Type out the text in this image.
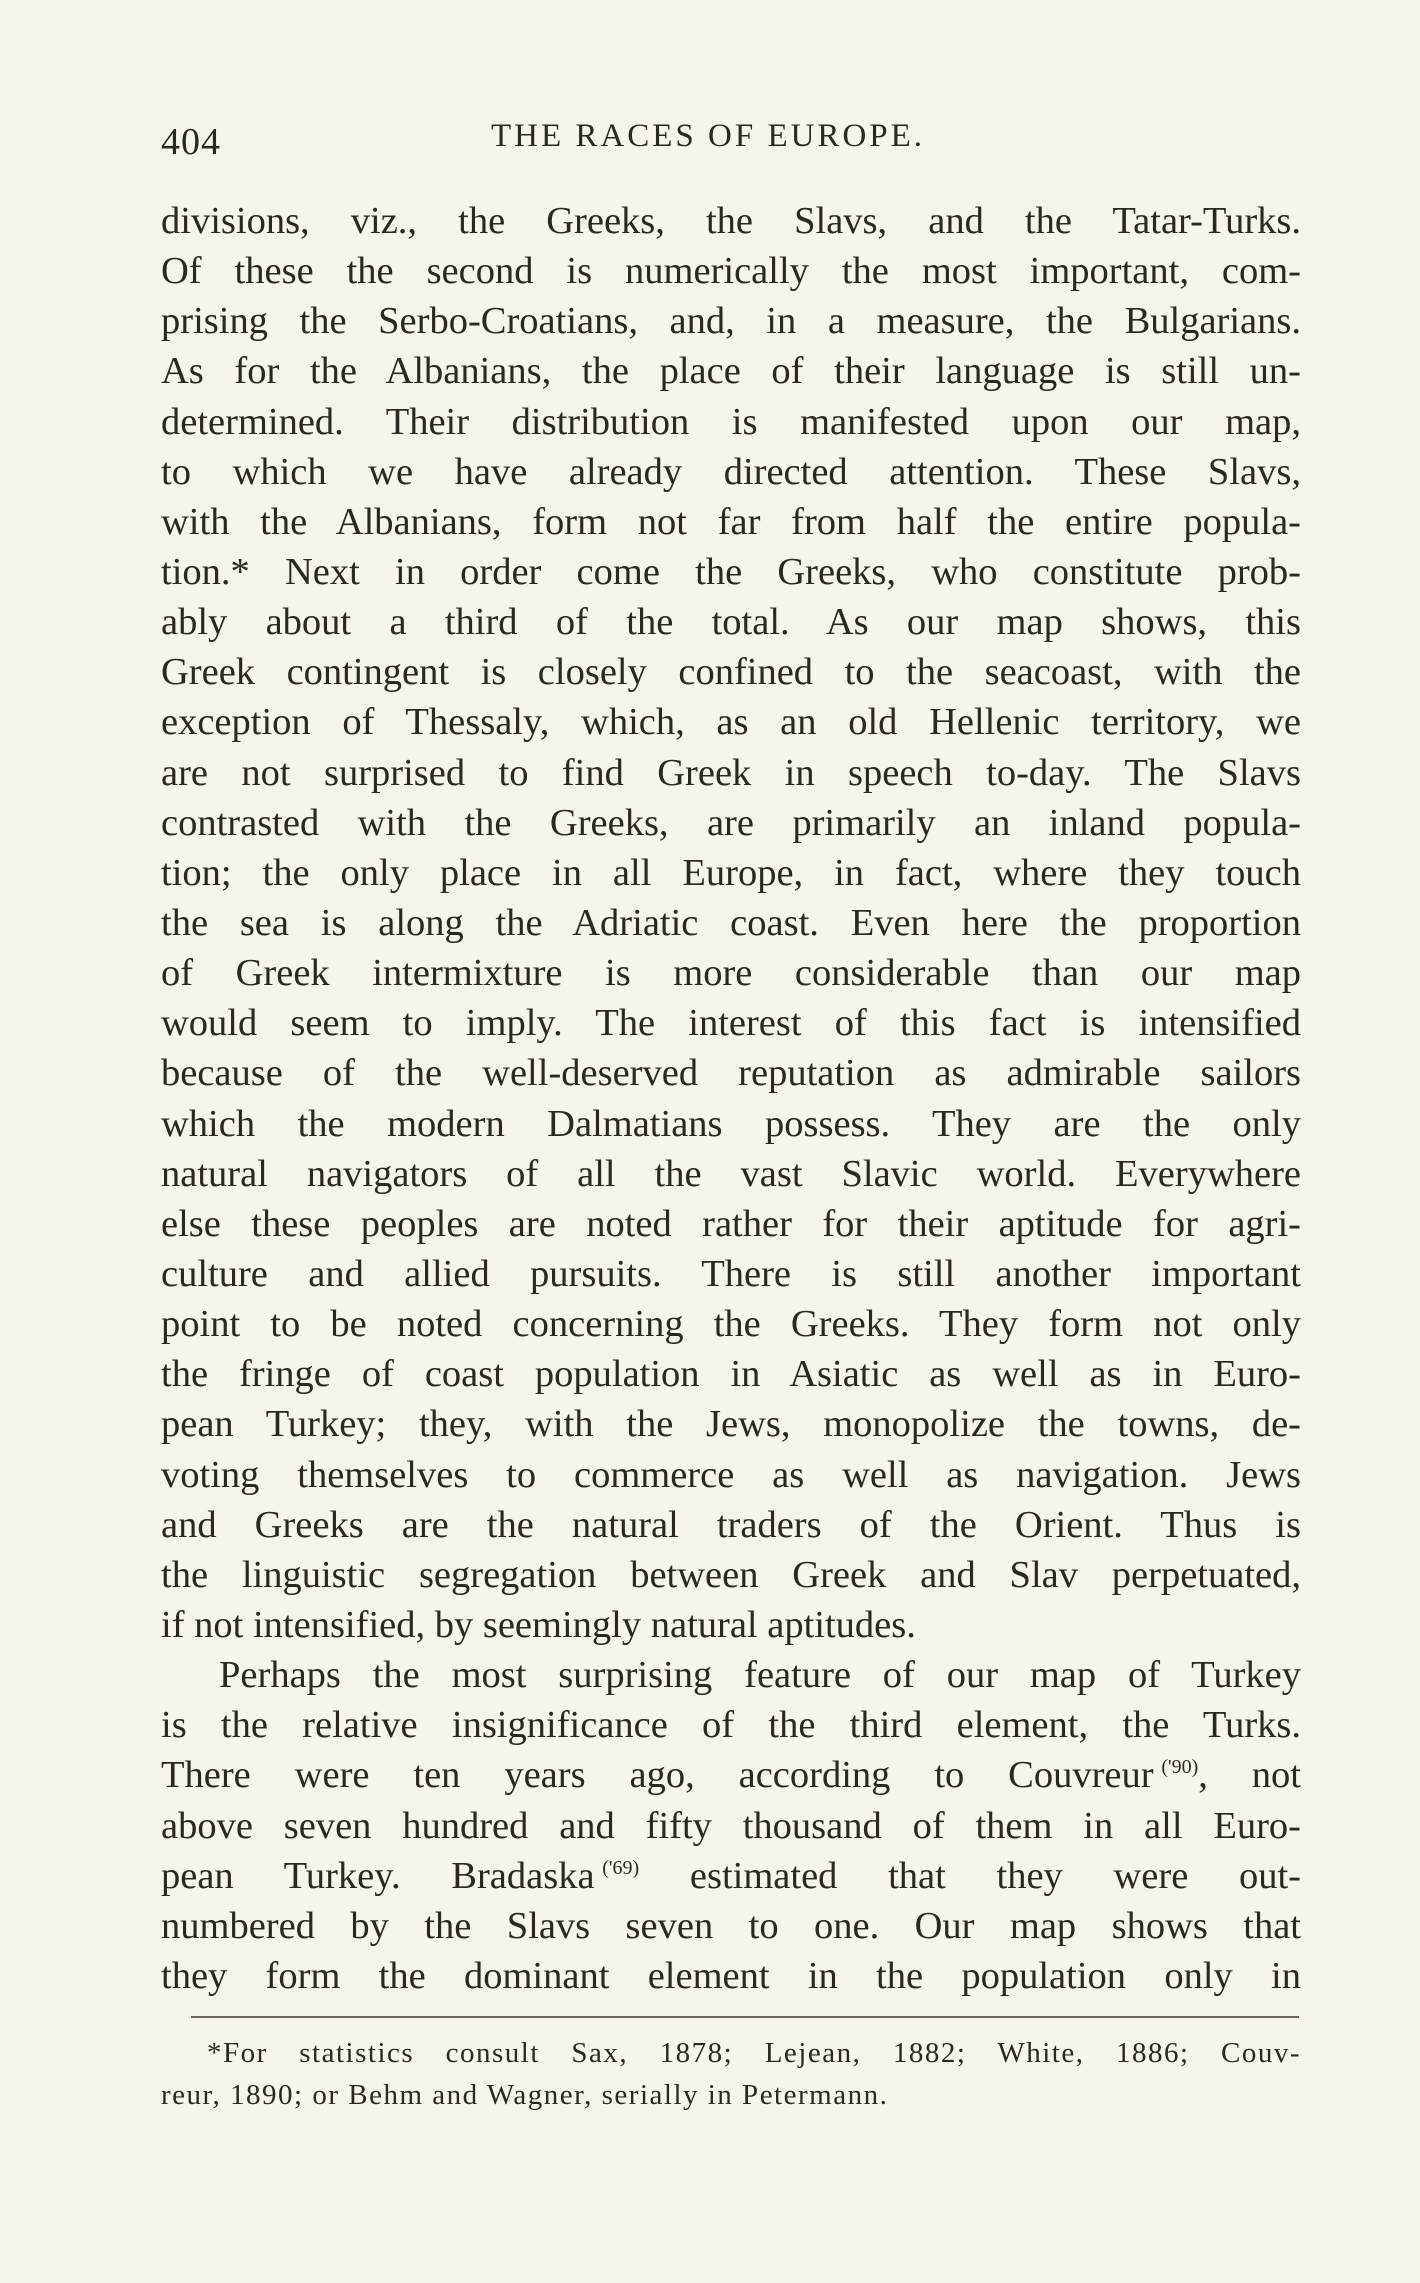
404	THE RACES OF EUROPE.
divisions, viz., the Greeks, the Slavs, and the Tatar-Turks.
Of these the second is numerically the most important, com-
prising the Serbo-Croatians, and, in a measure, the Bulgarians.
As for the Albanians, the place of their language is still un-
determined. Their distribution is manifested upon our map,
to which we have already directed attention. These Slavs,
with the Albanians, form not far from half the entire popula-
tion.* Next in order come the Greeks, who constitute prob-
ably about a third of the total. As our map shows, this
Greek contingent is closely confined to the seacoast, with the
exception of Thessaly, which, as an old Hellenic territory, we
are not surprised to find Greek in speech to-day. The Slavs
contrasted with the Greeks, are primarily an inland popula-
tion; the only place in all Europe, in fact, where they touch
the sea is along the Adriatic coast. Even here the proportion
of Greek intermixture is more considerable than our map
would seem to imply. The interest of this fact is intensified
because of the well-deserved reputation as admirable sailors
which the modern Dalmatians possess. They are the only
natural navigators of all the vast Slavic world. Everywhere
else these peoples are noted rather for their aptitude for agri-
culture and allied pursuits. There is still another important
point to be noted concerning the Greeks. They form not only
the fringe of coast population in Asiatic as well as in Euro-
pean Turkey; they, with the Jews, monopolize the towns, de-
voting themselves to commerce as well as navigation. Jews
and Greeks are the natural traders of the Orient. Thus is
the linguistic segregation between Greek and Slav perpetuated,
if not intensified, by seemingly natural aptitudes.
Perhaps the most surprising feature of our map of Turkey
is the relative insignificance of the third element, the Turks.
There were ten years ago, according to Couvreur  $^{('90)}$, not
above seven hundred and fifty thousand of them in all Euro-
pean Turkey. Bradaska  $^{('69)}$ estimated that they were out-
numbered by the Slavs seven to one. Our map shows that
they form the dominant element in the population only in
*For statistics consult Sax, 1878; Lejean, 1882; White, 1886; Couv-
reur, 1890; or Behm and Wagner, serially in Petermann.
